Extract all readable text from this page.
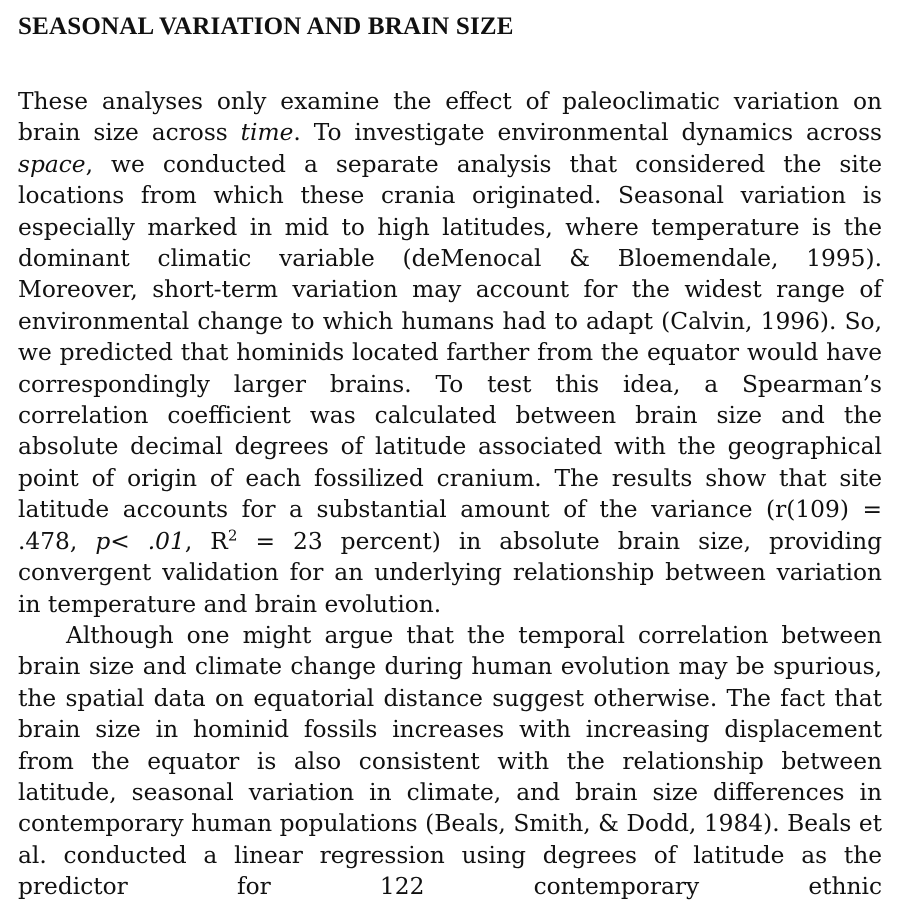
SEASONAL VARIATION AND BRAIN SIZE

These analyses only examine the effect of paleoclimatic variation on brain size across time. To investigate environmental dynamics across space, we conducted a separate analysis that considered the site locations from which these crania originated. Seasonal variation is especially marked in mid to high latitudes, where temperature is the dominant climatic variable (deMenocal & Bloemendale, 1995). Moreover, short-term variation may account for the widest range of environmental change to which humans had to adapt (Calvin, 1996). So, we predicted that hominids located farther from the equator would have correspondingly larger brains. To test this idea, a Spearman’s correlation coefficient was calculated between brain size and the absolute decimal degrees of latitude associated with the geographical point of origin of each fossilized cranium. The results show that site latitude accounts for a substantial amount of the variance (r(109) = .478, p< .01, $R^2 = 23$ percent) in absolute brain size, providing convergent validation for an underlying relationship between variation in temperature and brain evolution.

Although one might argue that the temporal correlation between brain size and climate change during human evolution may be spurious, the spatial data on equatorial distance suggest otherwise. The fact that brain size in hominid fossils increases with increasing displacement from the equator is also consistent with the relationship between latitude, seasonal variation in climate, and brain size differences in contemporary human populations (Beals, Smith, & Dodd, 1984). Beals et al. conducted a linear regression using degrees of latitude as the predictor for 122 contemporary ethnic
